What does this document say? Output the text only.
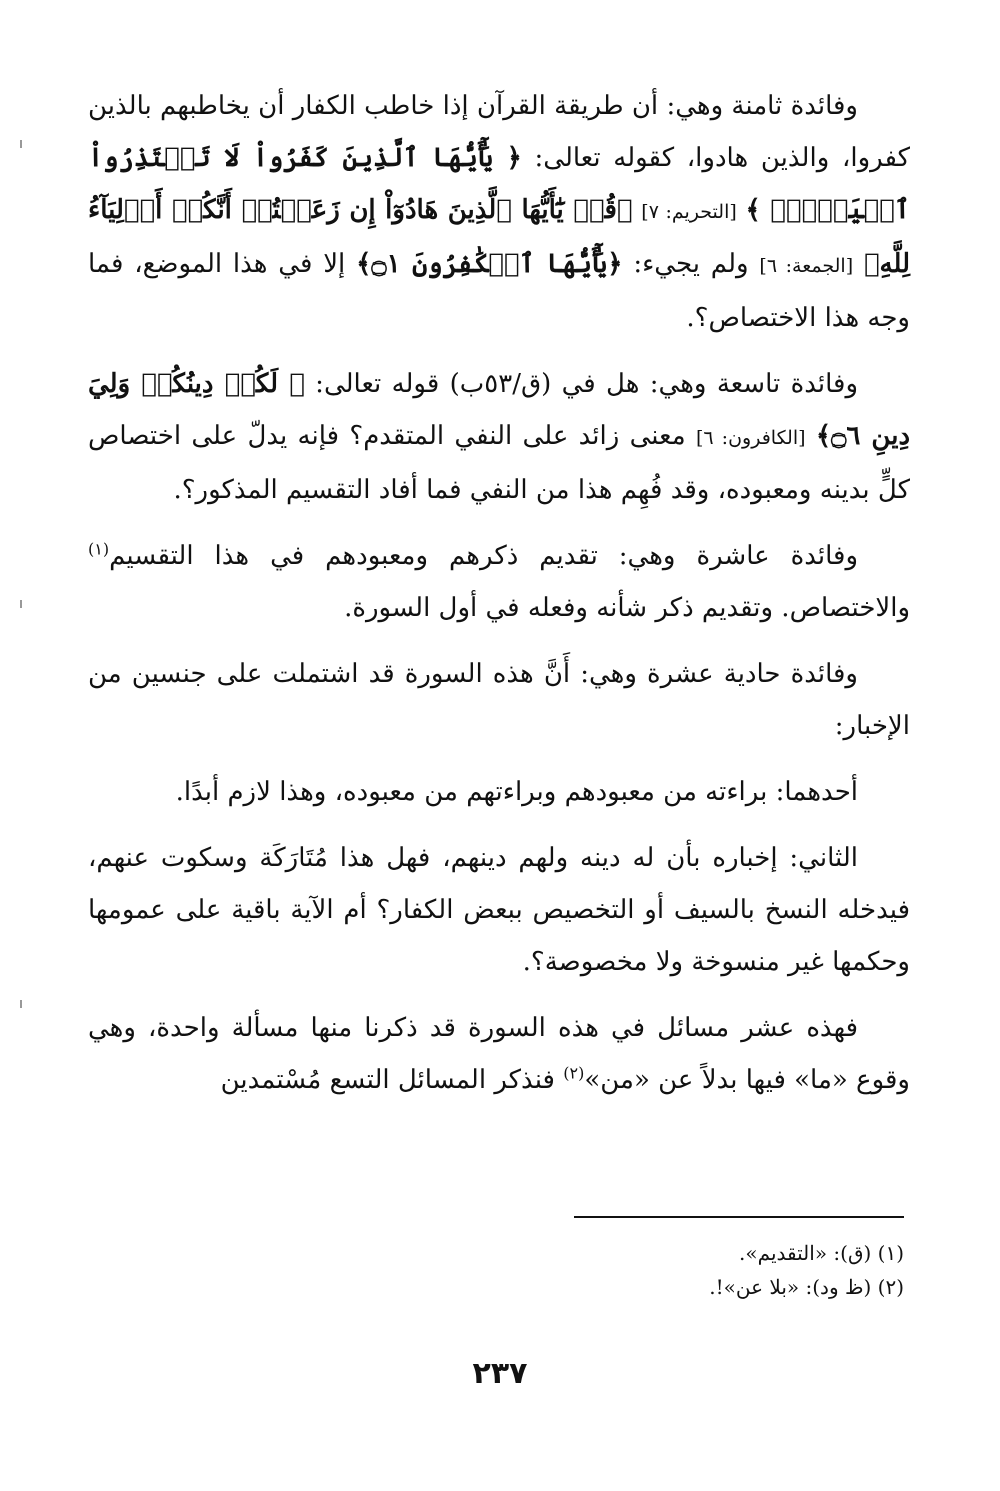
وفائدة ثامنة وهي: أن طريقة القرآن إذا خاطب الكفار أن يخاطبهم بالذين كفروا، والذين هادوا، كقوله تعالى: ﴿ يَٰٓأَيُّهَا ٱلَّذِينَ كَفَرُواْ لَا تَعۡتَذِرُواْ ٱلۡيَوۡمَۖ ﴾ [التحريم: ٧] ﴿قُلۡ يَٰٓأَيُّهَا ٱلَّذِينَ هَادُوٓاْ إِن زَعَمۡتُمۡ أَنَّكُمۡ أَوۡلِيَآءُ لِلَّهِ﴾ [الجمعة: ٦] ولم يجيء: ﴿يَٰٓأَيُّهَا ٱلۡكَٰفِرُونَ ۝١﴾ إلا في هذا الموضع، فما وجه هذا الاختصاص؟.

وفائدة تاسعة وهي: هل في (ق/٥٣ب) قوله تعالى: ﴿ لَكُمۡ دِينُكُمۡ وَلِيَ دِينِ ۝٦﴾ [الكافرون: ٦] معنى زائد على النفي المتقدم؟ فإنه يدلّ على اختصاص كلٍّ بدينه ومعبوده، وقد فُهِم هذا من النفي فما أفاد التقسيم المذكور؟.

وفائدة عاشرة وهي: تقديم ذكرهم ومعبودهم في هذا التقسيم$^{(١)}$ والاختصاص. وتقديم ذكر شأنه وفعله في أول السورة.

وفائدة حادية عشرة وهي: أَنَّ هذه السورة قد اشتملت على جنسين من الإخبار:

أحدهما: براءته من معبودهم وبراءتهم من معبوده، وهذا لازم أبدًا.

الثاني: إخباره بأن له دينه ولهم دينهم، فهل هذا مُتَارَكَة وسكوت عنهم، فيدخله النسخ بالسيف أو التخصيص ببعض الكفار؟ أم الآية باقية على عمومها وحكمها غير منسوخة ولا مخصوصة؟.

فهذه عشر مسائل في هذه السورة قد ذكرنا منها مسألة واحدة، وهي وقوع «ما» فيها بدلاً عن «من»$^{(٢)}$ فنذكر المسائل التسع مُسْتمدين

(١) (ق): «التقديم».
(٢) (ظ ود): «بلا عن»!.
٢٣٧
